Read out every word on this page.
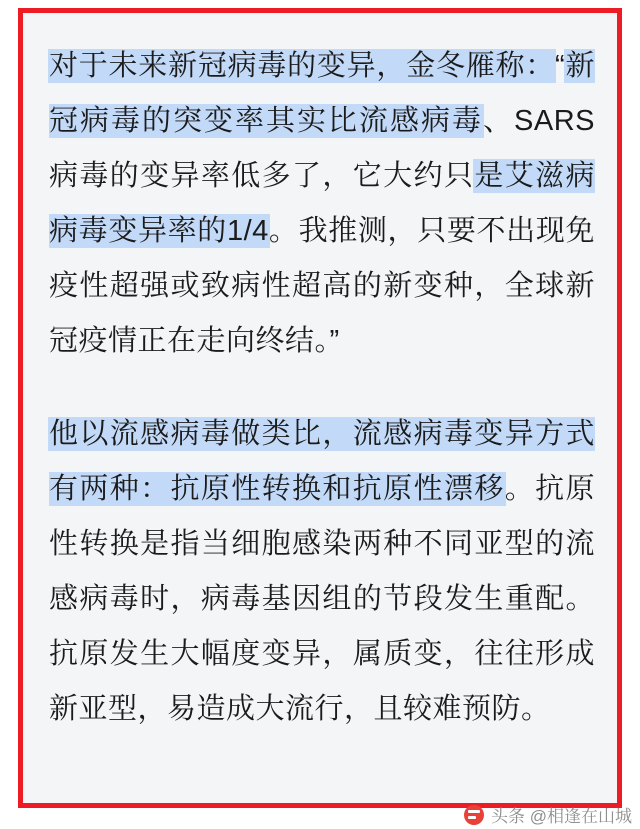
对于未来新冠病毒的变异，金冬雁称：“新冠病毒的突变率其实比流感病毒、SARS病毒的变异率低多了，它大约只是艾滋病病毒变异率的1/4。我推测，只要不出现免疫性超强或致病性超高的新变种，全球新冠疫情正在走向终结。”

他以流感病毒做类比，流感病毒变异方式有两种：抗原性转换和抗原性漂移。抗原性转换是指当细胞感染两种不同亚型的流感病毒时，病毒基因组的节段发生重配。抗原发生大幅度变异，属质变，往往形成新亚型，易造成大流行，且较难预防。

头条 @相逢在山城
